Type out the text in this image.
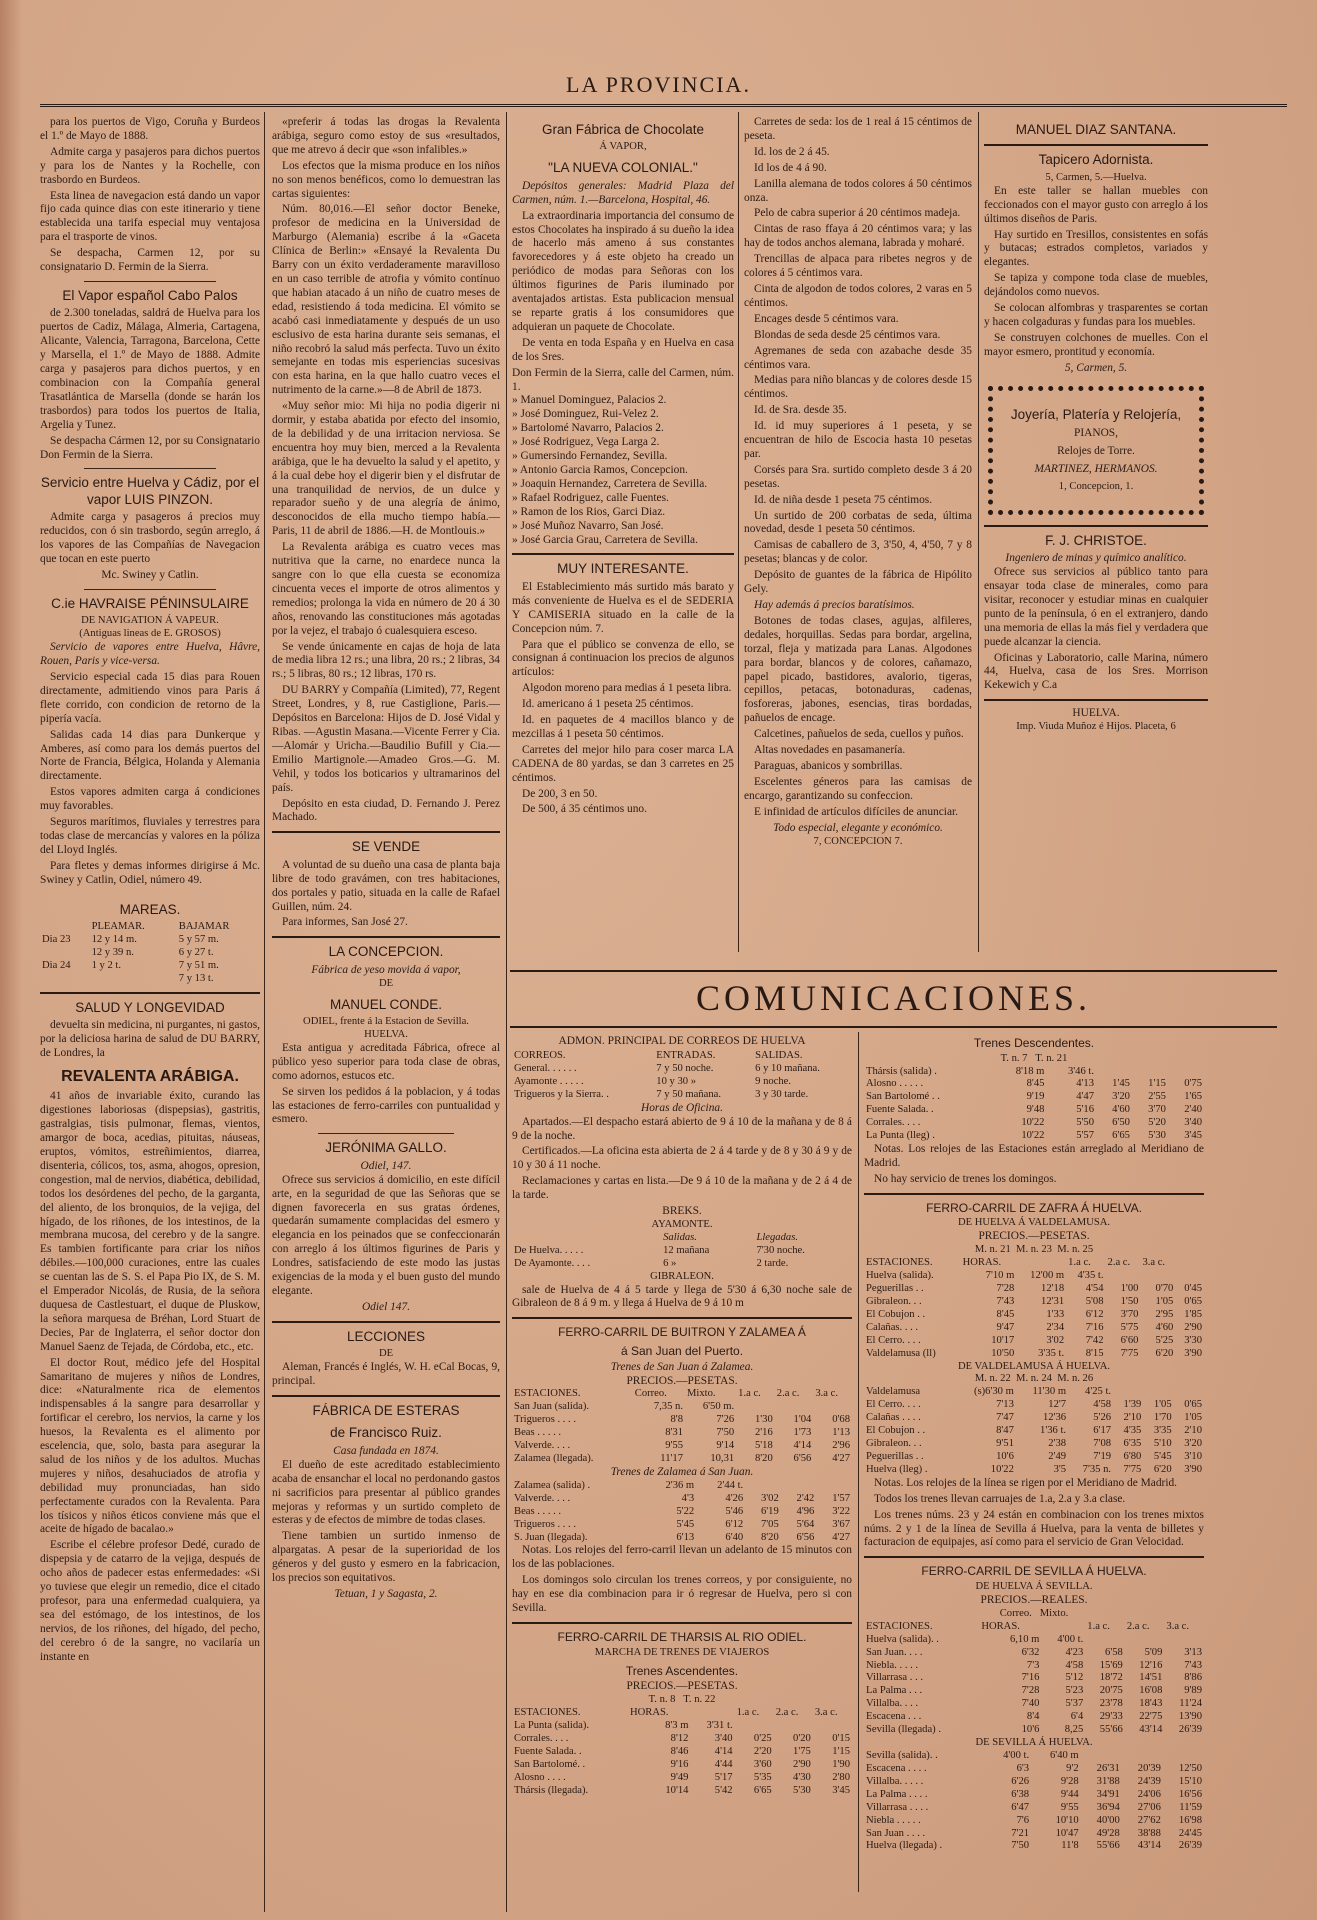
LA PROVINCIA.

para los puertos de Vigo, Coruña y Burdeos el 1.º de Mayo de 1888.

Admite carga y pasajeros para dichos puertos y para los de Nantes y la Rochelle, con trasbordo en Burdeos.

Esta linea de navegacion está dando un vapor fijo cada quince dias con este itinerario y tiene establecida una tarifa especial muy ventajosa para el trasporte de vinos.

Se despacha, Carmen 12, por su consignatario D. Fermin de la Sierra.

El Vapor español Cabo Palos

de 2.300 toneladas, saldrá de Huelva para los puertos de Cadiz, Málaga, Almeria, Cartagena, Alicante, Valencia, Tarragona, Barcelona, Cette y Marsella, el 1.º de Mayo de 1888. Admite carga y pasajeros para dichos puertos, y en combinacion con la Compañía general Trasatlántica de Marsella (donde se harán los trasbordos) para todos los puertos de Italia, Argelia y Tunez.

Se despacha Cármen 12, por su Consignatario Don Fermin de la Sierra.

Servicio entre Huelva y Cádiz, por el vapor LUIS PINZON.

Admite carga y pasageros á precios muy reducidos, con ó sin trasbordo, según arreglo, á los vapores de las Compañías de Navegacion que tocan en este puerto

Mc. Swiney y Catlin.
C.ie HAVRAISE PÉNINSULAIRE
DE NAVIGATION Á VAPEUR.
(Antiguas lineas de E. GROSOS)

Servicio de vapores entre Huelva, Hâvre, Rouen, Paris y vice-versa.

Servicio especial cada 15 dias para Rouen directamente, admitiendo vinos para Paris á flete corrido, con condicion de retorno de la pipería vacía.

Salidas cada 14 dias para Dunkerque y Amberes, así como para los demás puertos del Norte de Francia, Bélgica, Holanda y Alemania directamente.

Estos vapores admiten carga á condiciones muy favorables.

Seguros marítimos, fluviales y terrestres para todas clase de mercancías y valores en la póliza del Lloyd Inglés.

Para fletes y demas informes dirigirse á Mc. Swiney y Catlin, Odiel, número 49.

MAREAS.
	PLEAMAR.	BAJAMAR
Dia 23	12 y 14 m.	5 y 57 m.
	12 y 39 n.	6 y 27 t.
Dia 24	1 y 2 t.	7 y 51 m.
		7 y 13 t.
SALUD Y LONGEVIDAD

devuelta sin medicina, ni purgantes, ni gastos, por la deliciosa harina de salud de DU BARRY, de Londres, la

REVALENTA ARÁBIGA.

41 años de invariable éxito, curando las digestiones laboriosas (dispepsias), gastritis, gastralgias, tisis pulmonar, flemas, vientos, amargor de boca, acedias, pituitas, náuseas, eruptos, vómitos, estreñimientos, diarrea, disenteria, cólicos, tos, asma, ahogos, opresion, congestion, mal de nervios, diabética, debilidad, todos los desórdenes del pecho, de la garganta, del aliento, de los bronquios, de la vejiga, del hígado, de los riñones, de los intestinos, de la membrana mucosa, del cerebro y de la sangre. Es tambien fortificante para criar los niños débiles.—100,000 curaciones, entre las cuales se cuentan las de S. S. el Papa Pio IX, de S. M. el Emperador Nicolás, de Rusia, de la señora duquesa de Castlestuart, el duque de Pluskow, la señora marquesa de Bréhan, Lord Stuart de Decies, Par de Inglaterra, el señor doctor don Manuel Saenz de Tejada, de Córdoba, etc., etc.

El doctor Rout, médico jefe del Hospital Samaritano de mujeres y niños de Londres, dice: «Naturalmente rica de elementos indispensables á la sangre para desarrollar y fortificar el cerebro, los nervios, la carne y los huesos, la Revalenta es el alimento por escelencia, que, solo, basta para asegurar la salud de los niños y de los adultos. Muchas mujeres y niños, desahuciados de atrofia y debilidad muy pronunciadas, han sido perfectamente curados con la Revalenta. Para los tísicos y niños éticos conviene más que el aceite de hígado de bacalao.»

Escribe el célebre profesor Dedé, curado de dispepsia y de catarro de la vejiga, después de ocho años de padecer estas enfermedades: «Si yo tuviese que elegir un remedio, dice el citado profesor, para una enfermedad cualquiera, ya sea del estómago, de los intestinos, de los nervios, de los riñones, del hígado, del pecho, del cerebro ó de la sangre, no vacilaría un instante en

«preferir á todas las drogas la Revalenta arábiga, seguro como estoy de sus «resultados, que me atrevo á decir que «son infalibles.»

Los efectos que la misma produce en los niños no son menos benéficos, como lo demuestran las cartas siguientes:

Núm. 80,016.—El señor doctor Beneke, profesor de medicina en la Universidad de Marburgo (Alemania) escribe á la «Gaceta Clínica de Berlin:» «Ensayé la Revalenta Du Barry con un éxito verdaderamente maravilloso en un caso terrible de atrofia y vómito contínuo que habian atacado á un niño de cuatro meses de edad, resistiendo á toda medicina. El vómito se acabó casi inmediatamente y después de un uso esclusivo de esta harina durante seis semanas, el niño recobró la salud más perfecta. Tuvo un éxito semejante en todas mis esperiencias sucesivas con esta harina, en la que hallo cuatro veces el nutrimento de la carne.»—8 de Abril de 1873.

«Muy señor mio: Mi hija no podia digerir ni dormir, y estaba abatida por efecto del insomio, de la debilidad y de una irritacion nerviosa. Se encuentra hoy muy bien, merced a la Revalenta arábiga, que le ha devuelto la salud y el apetito, y á la cual debe hoy el digerir bien y el disfrutar de una tranquilidad de nervios, de un dulce y reparador sueño y de una alegría de ánimo, desconocidos de ella mucho tiempo había.—Paris, 11 de abril de 1886.—H. de Montlouis.»

La Revalenta arábiga es cuatro veces mas nutritiva que la carne, no enardece nunca la sangre con lo que ella cuesta se economiza cincuenta veces el importe de otros alimentos y remedios; prolonga la vida en número de 20 á 30 años, renovando las constituciones más agotadas por la vejez, el trabajo ó cualesquiera esceso.

Se vende únicamente en cajas de hoja de lata de media libra 12 rs.; una libra, 20 rs.; 2 libras, 34 rs.; 5 libras, 80 rs.; 12 libras, 170 rs.

DU BARRY y Compañía (Limited), 77, Regent Street, Londres, y 8, rue Castiglione, Paris.—Depósitos en Barcelona: Hijos de D. José Vidal y Ribas. —Agustin Masana.—Vicente Ferrer y Cia.—Alomár y Uricha.—Baudilio Bufill y Cia.—Emilio Martignole.—Amadeo Gros.—G. M. Vehil, y todos los boticarios y ultramarinos del país.

Depósito en esta ciudad, D. Fernando J. Perez Machado.

SE VENDE

A voluntad de su dueño una casa de planta baja libre de todo gravámen, con tres habitaciones, dos portales y patio, situada en la calle de Rafael Guillen, núm. 24.

Para informes, San José 27.

LA CONCEPCION.
Fábrica de yeso movida á vapor,
DE
MANUEL CONDE.
ODIEL, frente á la Estacion de Sevilla.
HUELVA.

Esta antigua y acreditada Fábrica, ofrece al público yeso superior para toda clase de obras, como adornos, estucos etc.

Se sirven los pedidos á la poblacion, y á todas las estaciones de ferro-carriles con puntualidad y esmero.

JERÓNIMA GALLO.
Odiel, 147.

Ofrece sus servicios á domicilio, en este difícil arte, en la seguridad de que las Señoras que se dignen favorecerla en sus gratas órdenes, quedarán sumamente complacidas del esmero y elegancia en los peinados que se confeccionarán con arreglo á los últimos figurines de Paris y Londres, satisfaciendo de este modo las justas exigencias de la moda y el buen gusto del mundo elegante.

Odiel 147.
LECCIONES
DE

Aleman, Francés é Inglés, W. H. eCal Bocas, 9, principal.

FÁBRICA DE ESTERAS
de Francisco Ruiz.
Casa fundada en 1874.

El dueño de este acreditado establecimiento acaba de ensanchar el local no perdonando gastos ni sacrificios para presentar al público grandes mejoras y reformas y un surtido completo de esteras y de efectos de mimbre de todas clases.

Tiene tambien un surtido inmenso de alpargatas. A pesar de la superioridad de los géneros y del gusto y esmero en la fabricacion, los precios son equitativos.

Tetuan, 1 y Sagasta, 2.
Gran Fábrica de Chocolate
Á VAPOR,
"LA NUEVA COLONIAL."

Depósitos generales: Madrid Plaza del Carmen, núm. 1.—Barcelona, Hospital, 46.

La extraordinaria importancia del consumo de estos Chocolates ha inspirado á su dueño la idea de hacerlo más ameno á sus constantes favorecedores y á este objeto ha creado un periódico de modas para Señoras con los últimos figurines de Paris iluminado por aventajados artistas. Esta publicacion mensual se reparte gratis á los consumidores que adquieran un paquete de Chocolate.

De venta en toda España y en Huelva en casa de los Sres.

Don Fermin de la Sierra, calle del Carmen, núm. 1.
» Manuel Dominguez, Palacios 2.
» José Dominguez, Rui-Velez 2.
» Bartolomé Navarro, Palacios 2.
» José Rodriguez, Vega Larga 2.
» Gumersindo Fernandez, Sevilla.
» Antonio Garcia Ramos, Concepcion.
» Joaquin Hernandez, Carretera de Sevilla.
» Rafael Rodriguez, calle Fuentes.
» Ramon de los Rios, Garci Diaz.
» José Muñoz Navarro, San José.
» José Garcia Grau, Carretera de Sevilla.
MUY INTERESANTE.

El Establecimiento más surtido más barato y más conveniente de Huelva es el de SEDERIA Y CAMISERIA situado en la calle de la Concepcion núm. 7.

Para que el público se convenza de ello, se consignan á continuacion los precios de algunos artículos:

Algodon moreno para medias á 1 peseta libra.

Id. americano á 1 peseta 25 céntimos.

Id. en paquetes de 4 macillos blanco y de mezcillas á 1 peseta 50 céntimos.

Carretes del mejor hilo para coser marca LA CADENA de 80 yardas, se dan 3 carretes en 25 céntimos.

De 200, 3 en 50.

De 500, á 35 céntimos uno.

Carretes de seda: los de 1 real á 15 céntimos de peseta.

Id. los de 2 á 45.

Id los de 4 á 90.

Lanilla alemana de todos colores á 50 céntimos onza.

Pelo de cabra superior á 20 céntimos madeja.

Cintas de raso ffaya á 20 céntimos vara; y las hay de todos anchos alemana, labrada y moharé.

Trencillas de alpaca para ribetes negros y de colores á 5 céntimos vara.

Cinta de algodon de todos colores, 2 varas en 5 céntimos.

Encages desde 5 céntimos vara.

Blondas de seda desde 25 céntimos vara.

Agremanes de seda con azabache desde 35 céntimos vara.

Medias para niño blancas y de colores desde 15 céntimos.

Id. de Sra. desde 35.

Id. id muy superiores á 1 peseta, y se encuentran de hilo de Escocia hasta 10 pesetas par.

Corsés para Sra. surtido completo desde 3 á 20 pesetas.

Id. de niña desde 1 peseta 75 céntimos.

Un surtido de 200 corbatas de seda, última novedad, desde 1 peseta 50 céntimos.

Camisas de caballero de 3, 3'50, 4, 4'50, 7 y 8 pesetas; blancas y de color.

Depósito de guantes de la fábrica de Hipólito Gely.

Hay además á precios baratísimos.

Botones de todas clases, agujas, alfileres, dedales, horquillas. Sedas para bordar, argelina, torzal, fleja y matizada para Lanas. Algodones para bordar, blancos y de colores, cañamazo, papel picado, bastidores, avalorio, tigeras, cepillos, petacas, botonaduras, cadenas, fosforeras, jabones, esencias, tiras bordadas, pañuelos de encage.

Calcetines, pañuelos de seda, cuellos y puños.

Altas novedades en pasamanería.

Paraguas, abanicos y sombrillas.

Escelentes géneros para las camisas de encargo, garantizando su confeccion.

E infinidad de artículos difíciles de anunciar.

Todo especial, elegante y económico.
7, CONCEPCION 7.
MANUEL DIAZ SANTANA.
Tapicero Adornista.
5, Carmen, 5.—Huelva.

En este taller se hallan muebles con feccionados con el mayor gusto con arreglo á los últimos diseños de Paris.

Hay surtido en Tresillos, consistentes en sofás y butacas; estrados completos, variados y elegantes.

Se tapiza y compone toda clase de muebles, dejándolos como nuevos.

Se colocan alfombras y trasparentes se cortan y hacen colgaduras y fundas para los muebles.

Se construyen colchones de muelles. Con el mayor esmero, prontitud y economía.

5, Carmen, 5.
Joyería, Platería y Relojería,
PIANOS,
Relojes de Torre.
MARTINEZ, HERMANOS.
1, Concepcion, 1.
F. J. CHRISTOE.
Ingeniero de minas y químico analítico.

Ofrece sus servicios al público tanto para ensayar toda clase de minerales, como para visitar, reconocer y estudiar minas en cualquier punto de la península, ó en el extranjero, dando una memoria de ellas la más fiel y verdadera que puede alcanzar la ciencia.

Oficinas y Laboratorio, calle Marina, número 44, Huelva, casa de los Sres. Morrison Kekewich y C.a

HUELVA.
Imp. Viuda Muñoz é Hijos. Placeta, 6
COMUNICACIONES.
ADMON. PRINCIPAL DE CORREOS DE HUELVA
CORREOS.	ENTRADAS.	SALIDAS.
General. . . . . .	7 y 50 noche.	6 y 10 mañana.
Ayamonte . . . . .	10 y 30 »	9 noche.
Trigueros y la Sierra. .	7 y 50 mañana.	3 y 30 tarde.
Horas de Oficina.

Apartados.—El despacho estará abierto de 9 á 10 de la mañana y de 8 á 9 de la noche.

Certificados.—La oficina esta abierta de 2 á 4 tarde y de 8 y 30 á 9 y de 10 y 30 á 11 noche.

Reclamaciones y cartas en lista.—De 9 á 10 de la mañana y de 2 á 4 de la tarde.

BREKS.
AYAMONTE.
	Salidas.	Llegadas.
De Huelva. . . . .	12 mañana	7'30 noche.
De Ayamonte. . . .	6 »	2 tarde.
GIBRALEON.

sale de Huelva de 4 á 5 tarde y llega de 5'30 á 6,30 noche sale de Gibraleon de 8 á 9 m. y llega á Huelva de 9 á 10 m

FERRO-CARRIL DE BUITRON Y ZALAMEA Á
á San Juan del Puerto.
Trenes de San Juan á Zalamea.
PRECIOS.—PESETAS.
ESTACIONES.	Correo.	Mixto.	1.a c.	2.a c.	3.a c.
San Juan (salida).	7,35 n.	6'50 m.			
Trigueros . . . .	8'8	7'26	1'30	1'04	0'68
Beas . . . . .	8'31	7'50	2'16	1'73	1'13
Valverde. . . .	9'55	9'14	5'18	4'14	2'96
Zalamea (llegada).	11'17	10,31	8'20	6'56	4'27
Trenes de Zalamea á San Juan.
Zalamea (salida) .	2'36 m	2'44 t.			
Valverde. . . .	4'3	4'26	3'02	2'42	1'57
Beas . . . . .	5'22	5'46	6'19	4'96	3'22
Trigueros . . . .	5'45	6'12	7'05	5'64	3'67
S. Juan (llegada).	6'13	6'40	8'20	6'56	4'27

Notas. Los relojes del ferro-carril llevan un adelanto de 15 minutos con los de las poblaciones.

Los domingos solo circulan los trenes correos, y por consiguiente, no hay en ese dia combinacion para ir ó regresar de Huelva, pero si con Sevilla.

FERRO-CARRIL DE THARSIS AL RIO ODIEL.
MARCHA DE TRENES DE VIAJEROS
Trenes Ascendentes.
PRECIOS.—PESETAS.
T. n. 8 T. n. 22
ESTACIONES.	HORAS.		1.a c.	2.a c.	3.a c.
La Punta (salida).	8'3 m	3'31 t.			
Corrales. . . .	8'12	3'40	0'25	0'20	0'15
Fuente Salada. .	8'46	4'14	2'20	1'75	1'15
San Bartolomé. .	9'16	4'44	3'60	2'90	1'90
Alosno . . . .	9'49	5'17	5'35	4'30	2'80
Thársis (llegada).	10'14	5'42	6'65	5'30	3'45
Trenes Descendentes.
T. n. 7 T. n. 21
Thársis (salida) .	8'18 m	3'46 t.			
Alosno . . . . .	8'45	4'13	1'45	1'15	0'75
San Bartolomé . .	9'19	4'47	3'20	2'55	1'65
Fuente Salada. .	9'48	5'16	4'60	3'70	2'40
Corrales. . . .	10'22	5'50	6'50	5'20	3'40
La Punta (lleg) .	10'22	5'57	6'65	5'30	3'45

Notas. Los relojes de las Estaciones están arreglado al Meridiano de Madrid.

No hay servicio de trenes los domingos.

FERRO-CARRIL DE ZAFRA Á HUELVA.
DE HUELVA Á VALDELAMUSA.
PRECIOS.—PESETAS.
M. n. 21 M. n. 23 M. n. 25
ESTACIONES.	HORAS.		1.a c.	2.a c.	3.a c.	
Huelva (salida).	7'10 m	12'00 m	4'35 t.			
Peguerillas . .	7'28	12'18	4'54	1'00	0'70	0'45
Gibraleon. . .	7'43	12'31	5'08	1'50	1'05	0'65
El Cobujon . .	8'45	1'33	6'12	3'70	2'95	1'85
Calañas. . . .	9'47	2'34	7'16	5'75	4'60	2'90
El Cerro. . . .	10'17	3'02	7'42	6'60	5'25	3'30
Valdelamusa (ll)	10'50	3'35 t.	8'15	7'75	6'20	3'90
DE VALDELAMUSA Á HUELVA.
M. n. 22 M. n. 24 M. n. 26
Valdelamusa	(s)6'30 m	11'30 m	4'25 t.			
El Cerro. . . .	7'13	12'7	4'58	1'39	1'05	0'65
Calañas . . . .	7'47	12'36	5'26	2'10	1'70	1'05
El Cobujon . .	8'47	1'36 t.	6'17	4'35	3'35	2'10
Gibraleon. . .	9'51	2'38	7'08	6'35	5'10	3'20
Peguerillas . .	10'6	2'49	7'19	6'80	5'45	3'10
Huelva (lleg) .	10'22	3'5	7'35 n.	7'75	6'20	3'90

Notas. Los relojes de la línea se rigen por el Meridiano de Madrid.

Todos los trenes llevan carruajes de 1.a, 2.a y 3.a clase.

Los trenes núms. 23 y 24 están en combinacion con los trenes mixtos núms. 2 y 1 de la línea de Sevilla á Huelva, para la venta de billetes y facturacion de equipajes, así como para el servicio de Gran Velocidad.

FERRO-CARRIL DE SEVILLA Á HUELVA.
DE HUELVA Á SEVILLA.
PRECIOS.—REALES.
Correo. Mixto.
ESTACIONES.	HORAS.		1.a c.	2.a c.	3.a c.
Huelva (salida). .	6,10 m	4'00 t.			
San Juan. . . .	6'32	4'23	6'58	5'09	3'13
Niebla. . . . .	7'3	4'58	15'69	12'16	7'43
Villarrasa . . .	7'16	5'12	18'72	14'51	8'86
La Palma . . .	7'28	5'23	20'75	16'08	9'89
Villalba. . . .	7'40	5'37	23'78	18'43	11'24
Escacena . . .	8'4	6'4	29'33	22'75	13'90
Sevilla (llegada) .	10'6	8,25	55'66	43'14	26'39
DE SEVILLA Á HUELVA.
Sevilla (salida). .	4'00 t.	6'40 m			
Escacena . . . .	6'3	9'2	26'31	20'39	12'50
Villalba. . . . .	6'26	9'28	31'88	24'39	15'10
La Palma . . . .	6'38	9'44	34'91	24'06	16'56
Villarrasa . . . .	6'47	9'55	36'94	27'06	11'59
Niebla . . . . .	7'6	10'10	40'00	27'62	16'98
San Juan . . . .	7'21	10'47	49'28	38'88	24'45
Huelva (llegada) .	7'50	11'8	55'66	43'14	26'39
